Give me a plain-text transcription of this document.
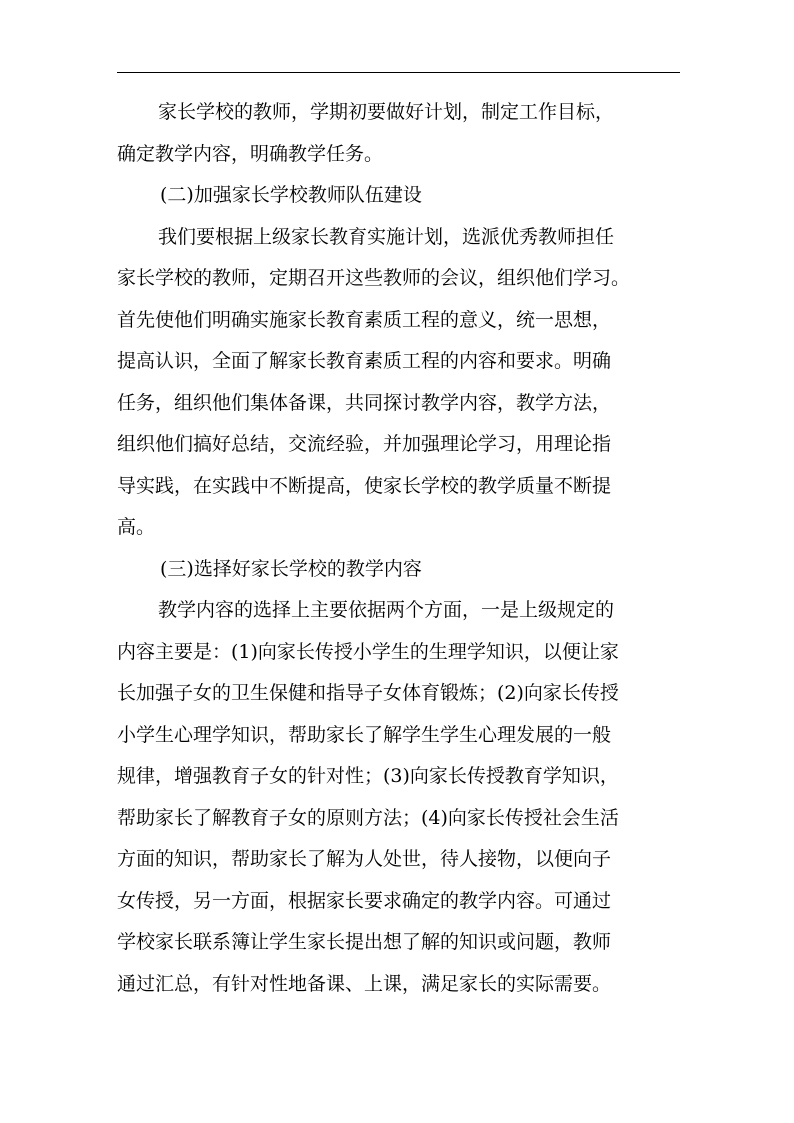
家长学校的教师，学期初要做好计划，制定工作目标，
确定教学内容，明确教学任务。
(二)加强家长学校教师队伍建设
我们要根据上级家长教育实施计划，选派优秀教师担任
家长学校的教师，定期召开这些教师的会议，组织他们学习。
首先使他们明确实施家长教育素质工程的意义，统一思想，
提高认识，全面了解家长教育素质工程的内容和要求。明确
任务，组织他们集体备课，共同探讨教学内容，教学方法，
组织他们搞好总结，交流经验，并加强理论学习，用理论指
导实践，在实践中不断提高，使家长学校的教学质量不断提
高。
(三)选择好家长学校的教学内容
教学内容的选择上主要依据两个方面，一是上级规定的
内容主要是：(1)向家长传授小学生的生理学知识，以便让家
长加强子女的卫生保健和指导子女体育锻炼；(2)向家长传授
小学生心理学知识，帮助家长了解学生学生心理发展的一般
规律，增强教育子女的针对性；(3)向家长传授教育学知识，
帮助家长了解教育子女的原则方法；(4)向家长传授社会生活
方面的知识，帮助家长了解为人处世，待人接物，以便向子
女传授，另一方面，根据家长要求确定的教学内容。可通过
学校家长联系簿让学生家长提出想了解的知识或问题，教师
通过汇总，有针对性地备课、上课，满足家长的实际需要。
